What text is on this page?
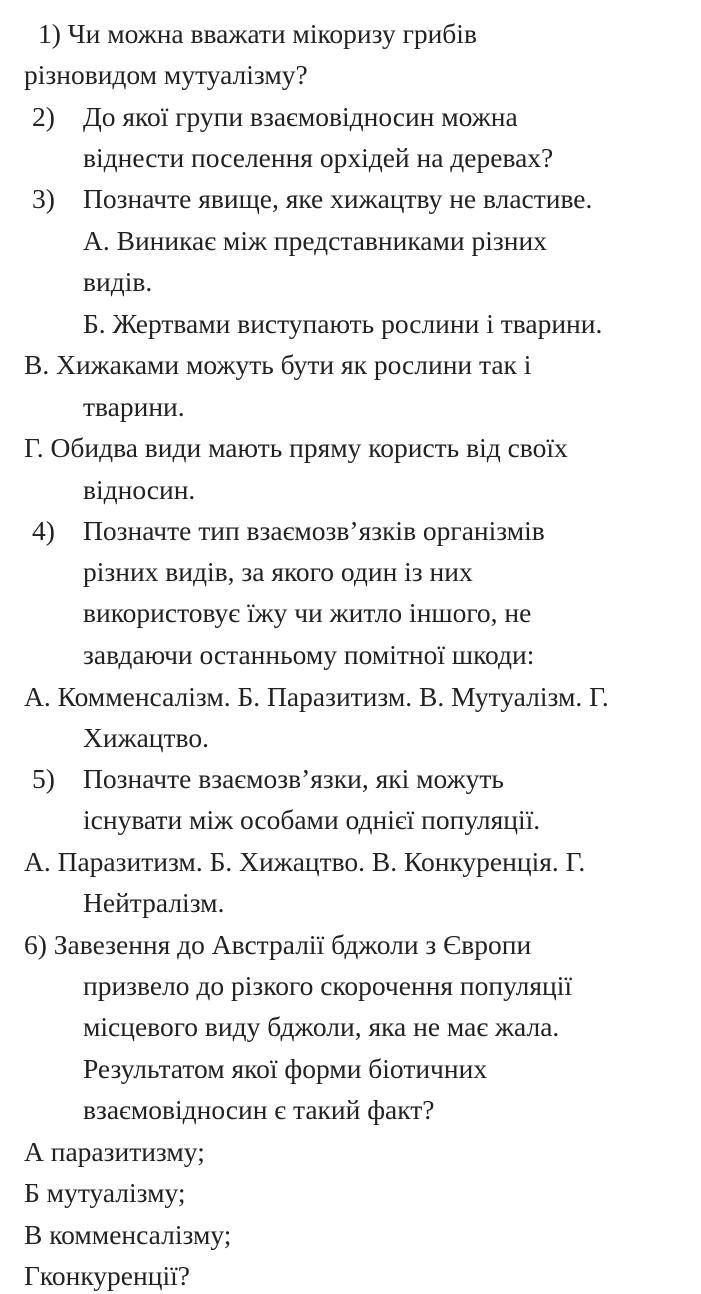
1) Чи можна вважати мікоризу грибів
різновидом мутуалізму?
2) До якої групи взаємовідносин можна
віднести поселення орхідей на деревах?
3) Позначте явище, яке хижацтву не властиве.
А. Виникає між представниками різних
видів.
Б. Жертвами виступають рослини і тварини.
В. Хижаками можуть бути як рослини так і
тварини.
Г. Обидва види мають пряму користь від своїх
відносин.
4) Позначте тип взаємозв’язків організмів
різних видів, за якого один із них
використовує їжу чи житло іншого, не
завдаючи останньому помітної шкоди:
А. Комменсалізм. Б. Паразитизм. В. Мутуалізм. Г.
Хижацтво.
5) Позначте взаємозв’язки, які можуть
існувати між особами однієї популяції.
А. Паразитизм. Б. Хижацтво. В. Конкуренція. Г.
Нейтралізм.
6) Завезення до Австралії бджоли з Європи
призвело до різкого скорочення популяції
місцевого виду бджоли, яка не має жала.
Результатом якої форми біотичних
взаємовідносин є такий факт?
А паразитизму;
Б мутуалізму;
В комменсалізму;
Гконкуренції?
